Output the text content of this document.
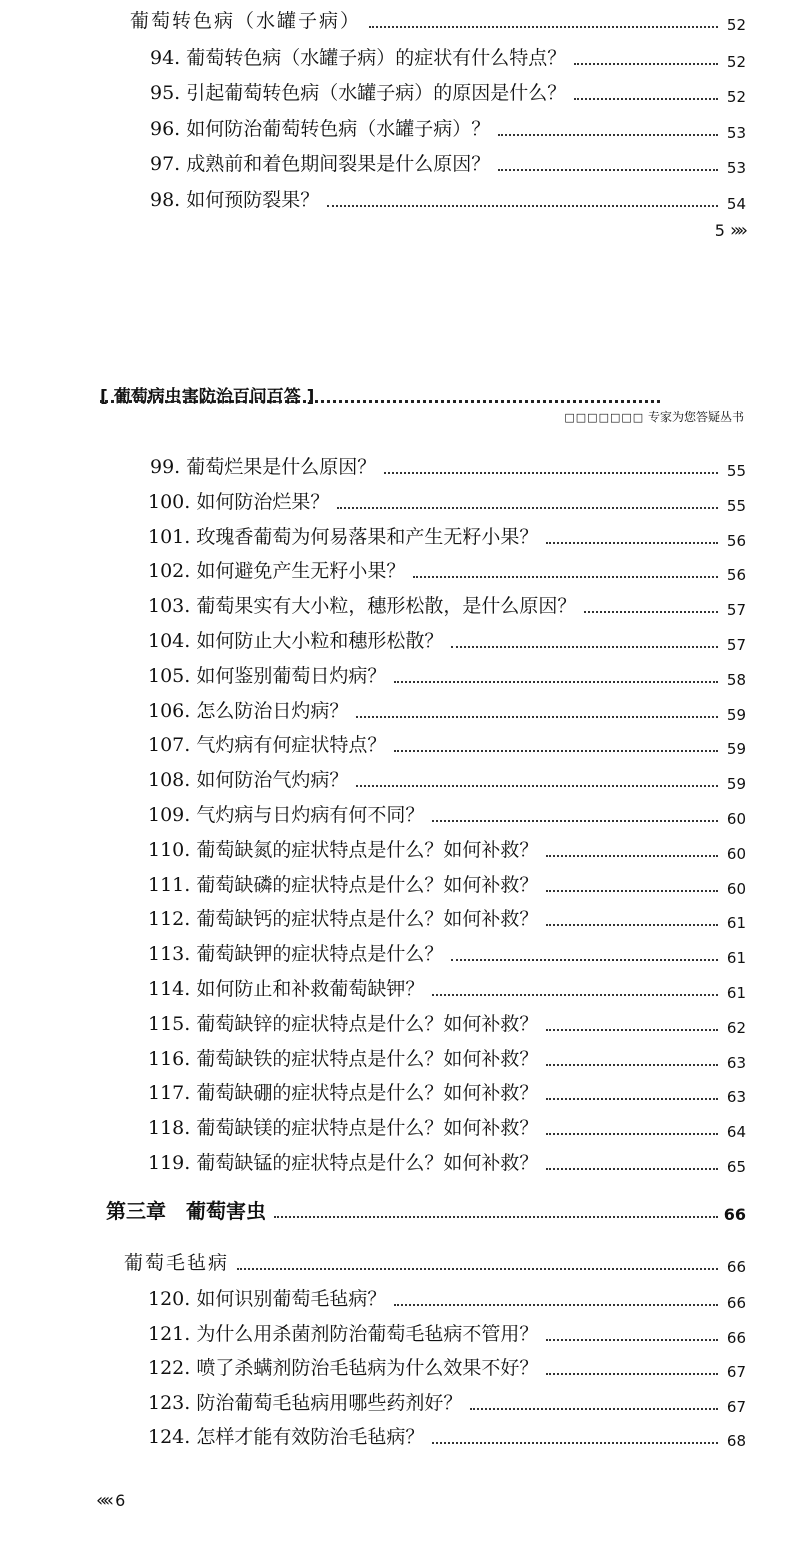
葡萄转色病（水罐子病）	52
94. 葡萄转色病（水罐子病）的症状有什么特点？	52
95. 引起葡萄转色病（水罐子病）的原因是什么？	52
96. 如何防治葡萄转色病（水罐子病）？	53
97. 成熟前和着色期间裂果是什么原因？	53
98. 如何预防裂果？	54
5 »»
[ 葡萄病虫害防治百问百答 ]
□□□□□□□ 专家为您答疑丛书
99. 葡萄烂果是什么原因？	55
100. 如何防治烂果？	55
101. 玫瑰香葡萄为何易落果和产生无籽小果？	56
102. 如何避免产生无籽小果？	56
103. 葡萄果实有大小粒，穗形松散，是什么原因？	57
104. 如何防止大小粒和穗形松散？	57
105. 如何鉴别葡萄日灼病？	58
106. 怎么防治日灼病？	59
107. 气灼病有何症状特点？	59
108. 如何防治气灼病？	59
109. 气灼病与日灼病有何不同？	60
110. 葡萄缺氮的症状特点是什么？如何补救？	60
111. 葡萄缺磷的症状特点是什么？如何补救？	60
112. 葡萄缺钙的症状特点是什么？如何补救？	61
113. 葡萄缺钾的症状特点是什么？	61
114. 如何防止和补救葡萄缺钾？	61
115. 葡萄缺锌的症状特点是什么？如何补救？	62
116. 葡萄缺铁的症状特点是什么？如何补救？	63
117. 葡萄缺硼的症状特点是什么？如何补救？	63
118. 葡萄缺镁的症状特点是什么？如何补救？	64
119. 葡萄缺锰的症状特点是什么？如何补救？	65
第三章　葡萄害虫	66
葡萄毛毡病	66
120. 如何识别葡萄毛毡病？	66
121. 为什么用杀菌剂防治葡萄毛毡病不管用？	66
122. 喷了杀螨剂防治毛毡病为什么效果不好？	67
123. 防治葡萄毛毡病用哪些药剂好？	67
124. 怎样才能有效防治毛毡病？	68
«« 6
